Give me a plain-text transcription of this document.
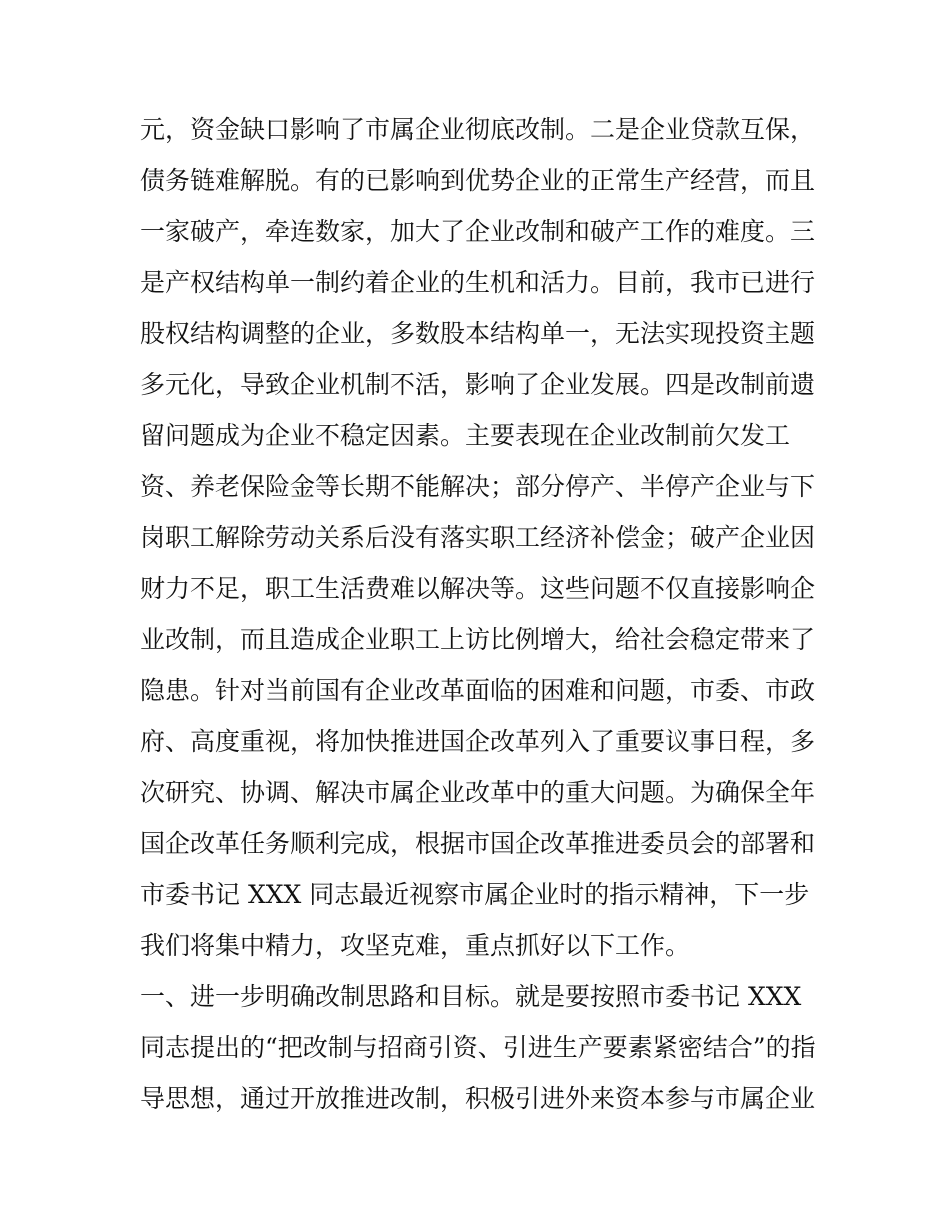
元，资金缺口影响了市属企业彻底改制。二是企业贷款互保，
债务链难解脱。有的已影响到优势企业的正常生产经营，而且
一家破产，牵连数家，加大了企业改制和破产工作的难度。三
是产权结构单一制约着企业的生机和活力。目前，我市已进行
股权结构调整的企业，多数股本结构单一，无法实现投资主题
多元化，导致企业机制不活，影响了企业发展。四是改制前遗
留问题成为企业不稳定因素。主要表现在企业改制前欠发工
资、养老保险金等长期不能解决；部分停产、半停产企业与下
岗职工解除劳动关系后没有落实职工经济补偿金；破产企业因
财力不足，职工生活费难以解决等。这些问题不仅直接影响企
业改制，而且造成企业职工上访比例增大，给社会稳定带来了
隐患。针对当前国有企业改革面临的困难和问题，市委、市政
府、高度重视，将加快推进国企改革列入了重要议事日程，多
次研究、协调、解决市属企业改革中的重大问题。为确保全年
国企改革任务顺利完成，根据市国企改革推进委员会的部署和
市委书记 XXX 同志最近视察市属企业时的指示精神，下一步
我们将集中精力，攻坚克难，重点抓好以下工作。
一、进一步明确改制思路和目标。就是要按照市委书记 XXX
同志提出的“把改制与招商引资、引进生产要素紧密结合”的指
导思想，通过开放推进改制，积极引进外来资本参与市属企业
